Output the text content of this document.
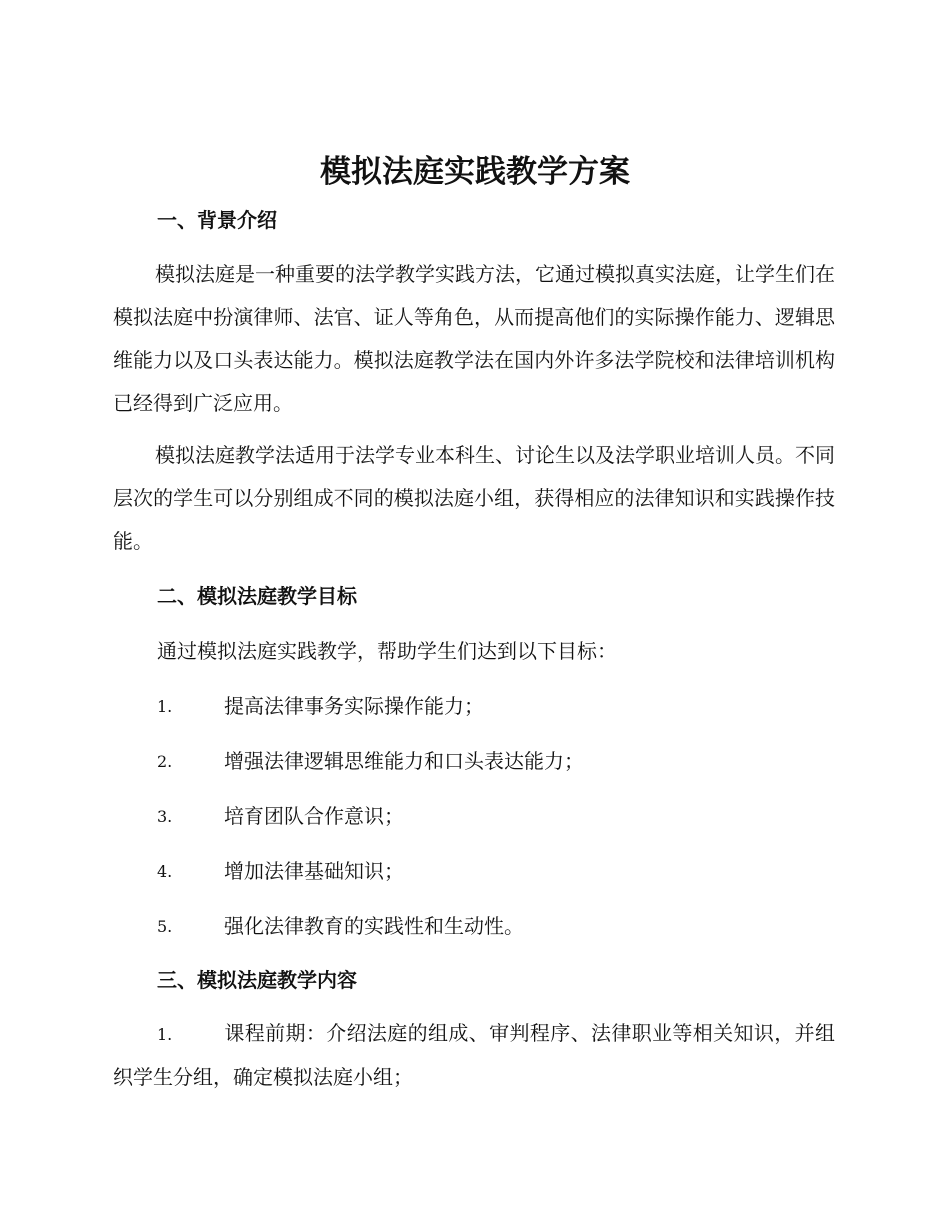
模拟法庭实践教学方案
一、背景介绍

模拟法庭是一种重要的法学教学实践方法，它通过模拟真实法庭，让学生们在模拟法庭中扮演律师、法官、证人等角色，从而提高他们的实际操作能力、逻辑思维能力以及口头表达能力。模拟法庭教学法在国内外许多法学院校和法律培训机构已经得到广泛应用。

模拟法庭教学法适用于法学专业本科生、讨论生以及法学职业培训人员。不同层次的学生可以分别组成不同的模拟法庭小组，获得相应的法律知识和实践操作技能。

二、模拟法庭教学目标

通过模拟法庭实践教学，帮助学生们达到以下目标：

1.	提高法律事务实际操作能力；
2.	增强法律逻辑思维能力和口头表达能力；
3.	培育团队合作意识；
4.	增加法律基础知识；
5.	强化法律教育的实践性和生动性。
三、模拟法庭教学内容
1.	课程前期：介绍法庭的组成、审判程序、法律职业等相关知识，并组织学生分组，确定模拟法庭小组；
